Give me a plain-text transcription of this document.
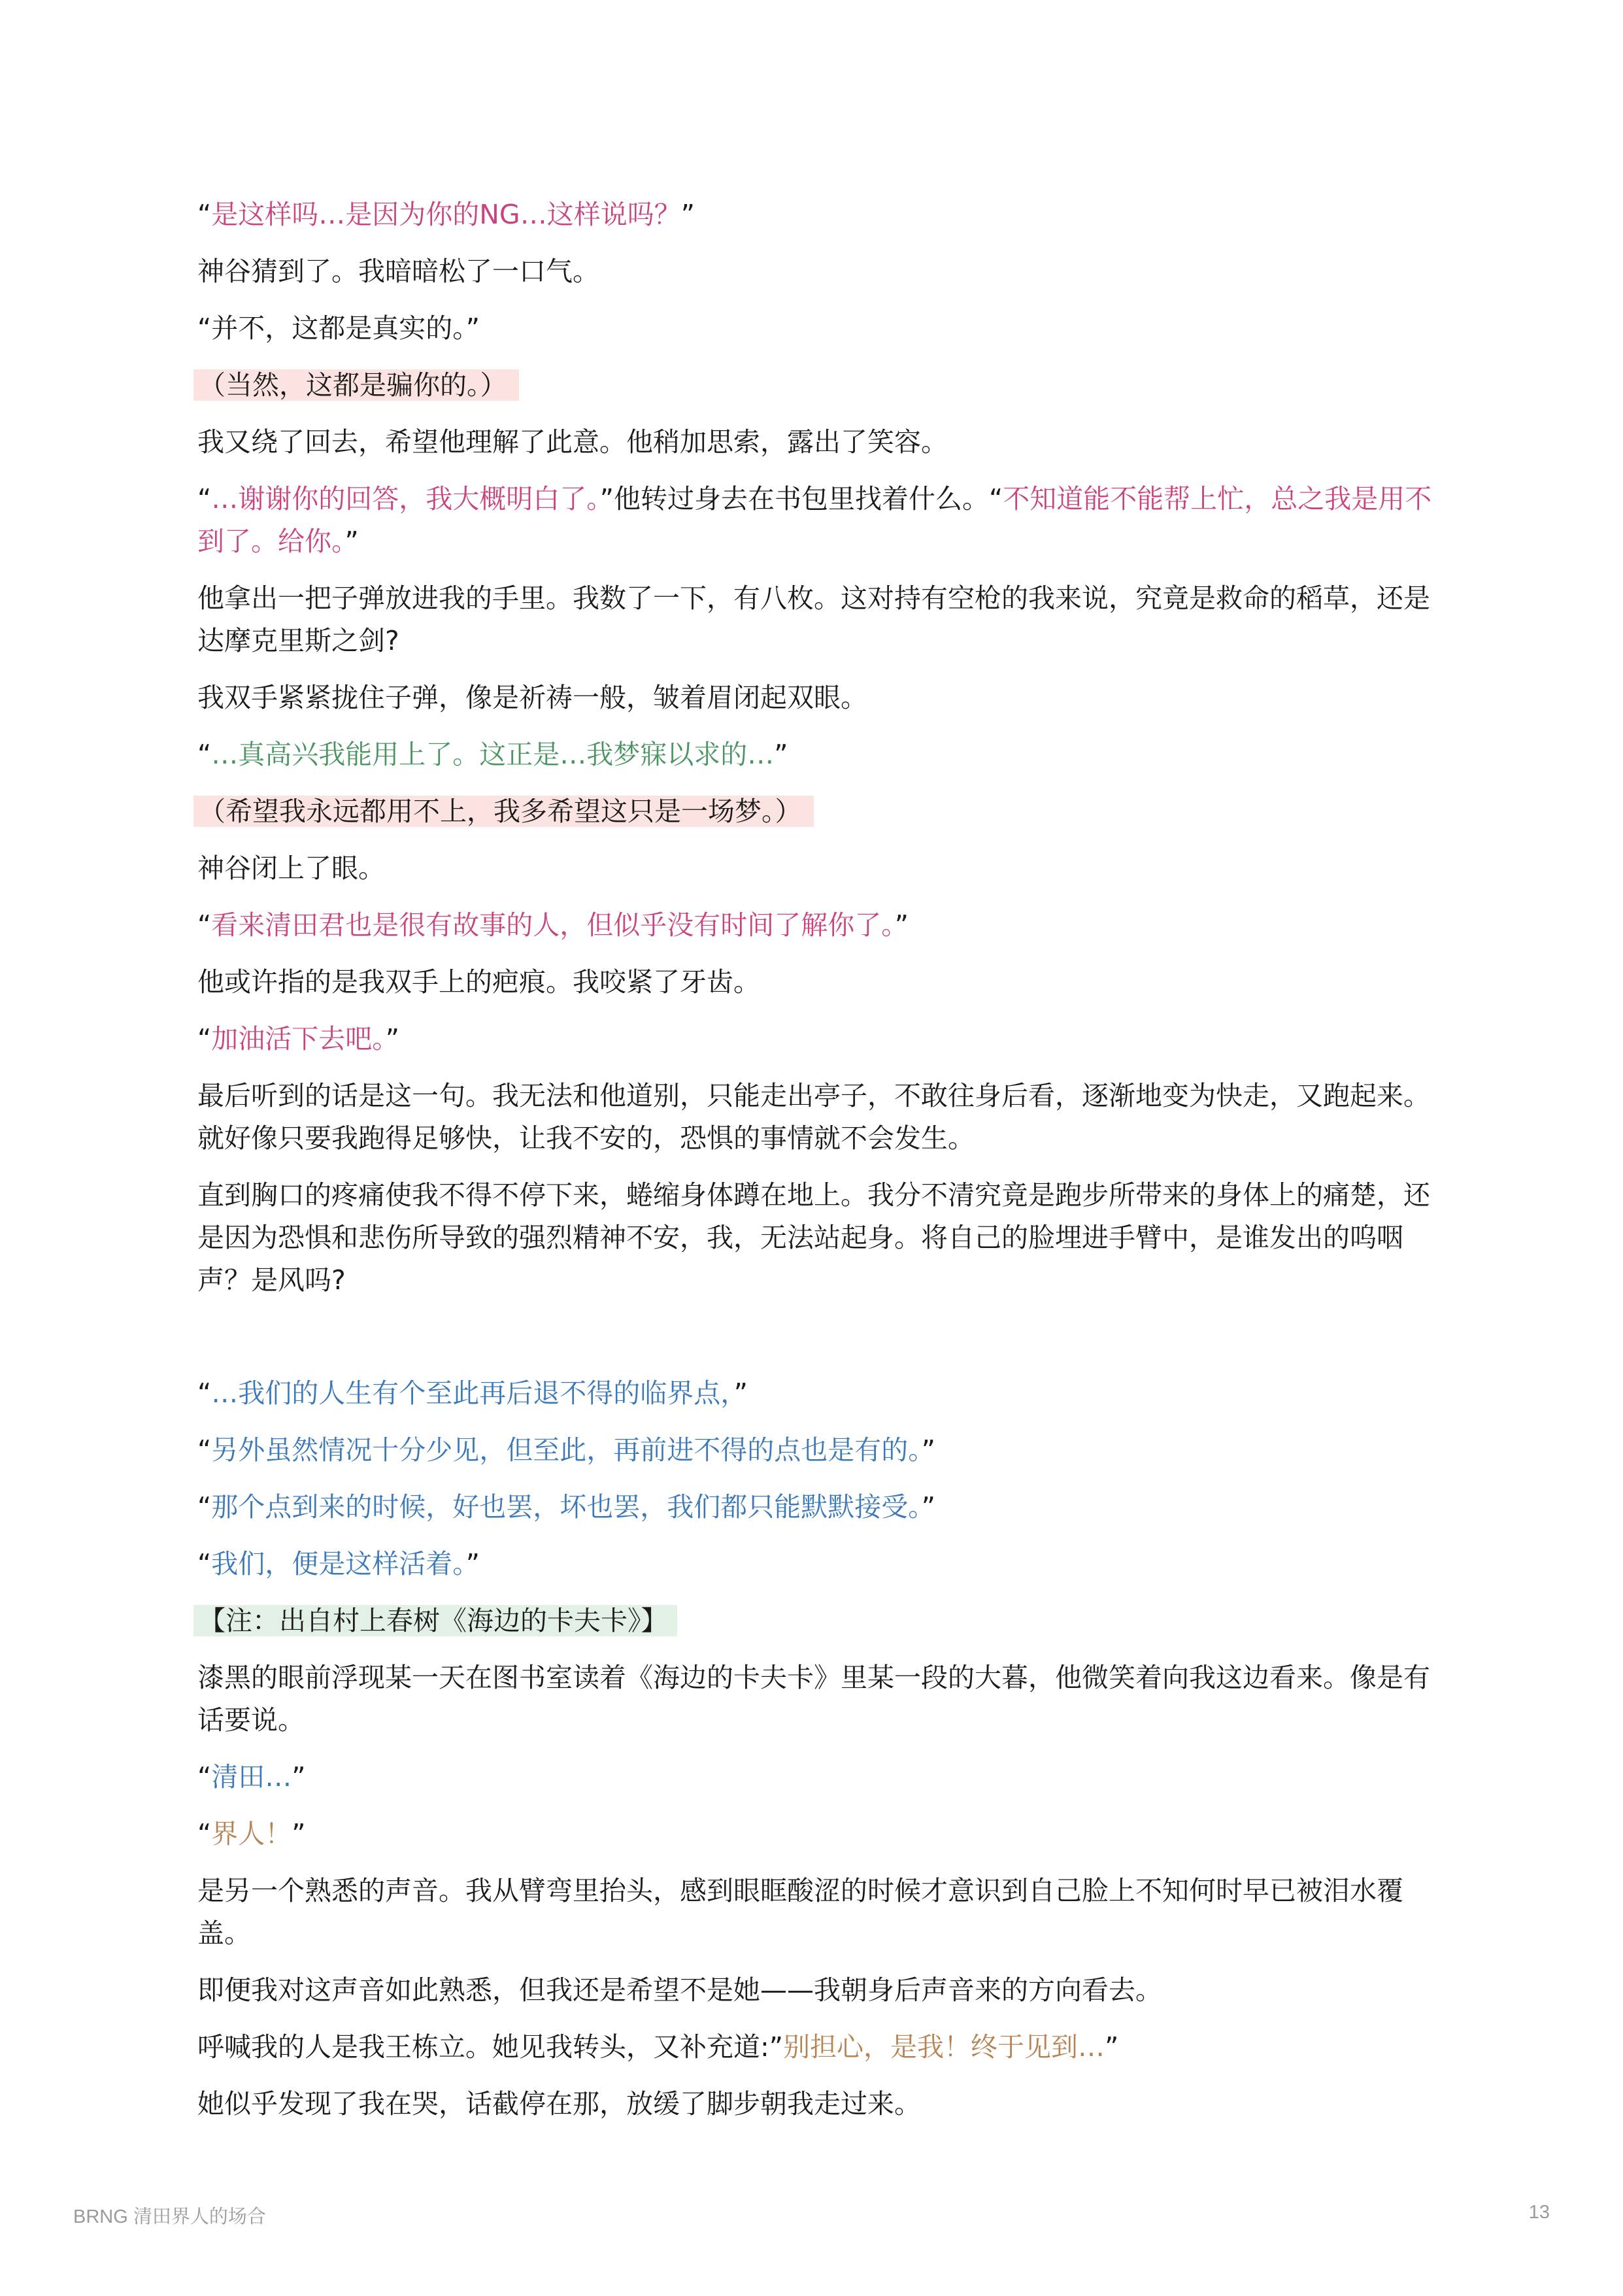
“是这样吗…是因为你的NG…这样说吗？”

神谷猜到了。我暗暗松了一口气。

“并不，这都是真实的。”

（当然，这都是骗你的。）

我又绕了回去，希望他理解了此意。他稍加思索，露出了笑容。

“…谢谢你的回答，我大概明白了。”他转过身去在书包里找着什么。“不知道能不能帮上忙，总之我是用不到了。给你。”

他拿出一把子弹放进我的手里。我数了一下，有八枚。这对持有空枪的我来说，究竟是救命的稻草，还是达摩克里斯之剑?

我双手紧紧拢住子弹，像是祈祷一般，皱着眉闭起双眼。

“…真高兴我能用上了。这正是…我梦寐以求的…”

（希望我永远都用不上，我多希望这只是一场梦。）

神谷闭上了眼。

“看来清田君也是很有故事的人，但似乎没有时间了解你了。”

他或许指的是我双手上的疤痕。我咬紧了牙齿。

“加油活下去吧。”

最后听到的话是这一句。我无法和他道别，只能走出亭子，不敢往身后看，逐渐地变为快走，又跑起来。就好像只要我跑得足够快，让我不安的，恐惧的事情就不会发生。

直到胸口的疼痛使我不得不停下来，蜷缩身体蹲在地上。我分不清究竟是跑步所带来的身体上的痛楚，还是因为恐惧和悲伤所导致的强烈精神不安，我，无法站起身。将自己的脸埋进手臂中，是谁发出的呜咽声？是风吗?

“…我们的人生有个至此再后退不得的临界点，”

“另外虽然情况十分少见，但至此，再前进不得的点也是有的。”

“那个点到来的时候，好也罢，坏也罢，我们都只能默默接受。”

“我们，便是这样活着。”

【注：出自村上春树《海边的卡夫卡》】

漆黑的眼前浮现某一天在图书室读着《海边的卡夫卡》里某一段的大暮，他微笑着向我这边看来。像是有话要说。

“清田…”

“界人！”

是另一个熟悉的声音。我从臂弯里抬头，感到眼眶酸涩的时候才意识到自己脸上不知何时早已被泪水覆盖。

即便我对这声音如此熟悉，但我还是希望不是她——我朝身后声音来的方向看去。

呼喊我的人是我王栋立。她见我转头，又补充道:”别担心，是我！终于见到…”

她似乎发现了我在哭，话截停在那，放缓了脚步朝我走过来。

BRNG 清田界人的场合	13
